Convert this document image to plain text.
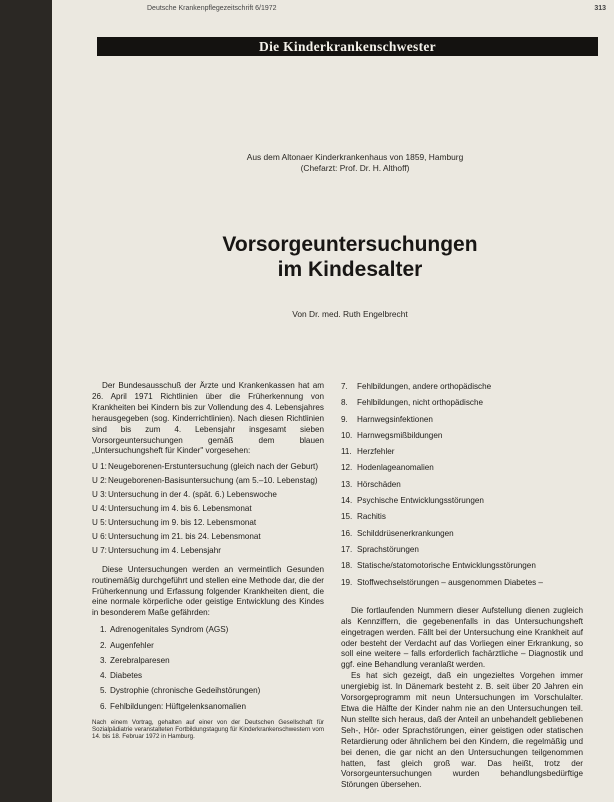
Deutsche Krankenpflegezeitschrift 6/1972	313
Die Kinderkrankenschwester
Aus dem Altonaer Kinderkrankenhaus von 1859, Hamburg
(Chefarzt: Prof. Dr. H. Althoff)
Vorsorgeuntersuchungen
im Kindesalter
Von Dr. med. Ruth Engelbrecht

Der Bundesausschuß der Ärzte und Krankenkassen hat am 26. April 1971 Richtlinien über die Früherkennung von Krankheiten bei Kindern bis zur Vollendung des 4. Lebensjahres herausgegeben (sog. Kinderrichtlinien). Nach diesen Richtlinien sind bis zum 4. Lebensjahr insgesamt sieben Vorsorgeuntersuchungen gemäß dem blauen „Untersuchungsheft für Kinder" vorgesehen:

U 1: Neugeborenen-Erstuntersuchung (gleich nach der Geburt)
U 2: Neugeborenen-Basisuntersuchung (am 5.–10. Lebenstag)
U 3: Untersuchung in der 4. (spät. 6.) Lebenswoche
U 4: Untersuchung im 4. bis 6. Lebensmonat
U 5: Untersuchung im 9. bis 12. Lebensmonat
U 6: Untersuchung im 21. bis 24. Lebensmonat
U 7: Untersuchung im 4. Lebensjahr

Diese Untersuchungen werden an vermeintlich Gesunden routinemäßig durchgeführt und stellen eine Methode dar, die der Früherkennung und Erfassung folgender Krankheiten dient, die eine normale körperliche oder geistige Entwicklung des Kindes in besonderem Maße gefährden:

1. Adrenogenitales Syndrom (AGS)
2. Augenfehler
3. Zerebralparesen
4. Diabetes
5. Dystrophie (chronische Gedeihstörungen)
6. Fehlbildungen: Hüftgelenksanomalien

Nach einem Vortrag, gehalten auf einer von der Deutschen Gesellschaft für Sozialpädiatrie veranstalteten Fortbildungstagung für Kinderkrankenschwestern vom 14. bis 18. Februar 1972 in Hamburg.

7.	Fehlbildungen, andere orthopädische
8.	Fehlbildungen, nicht orthopädische
9.	Harnwegsinfektionen
10. Harnwegsmißbildungen
11. Herzfehler
12. Hodenlageanomalien
13. Hörschäden
14. Psychische Entwicklungsstörungen
15. Rachitis
16. Schilddrüsenerkrankungen
17. Sprachstörungen
18. Statische/statomotorische Entwicklungsstörungen
19. Stoffwechselstörungen – ausgenommen Diabetes –

Die fortlaufenden Nummern dieser Aufstellung dienen zugleich als Kennziffern, die gegebenenfalls in das Untersuchungsheft eingetragen werden. Fällt bei der Untersuchung eine Krankheit auf oder besteht der Verdacht auf das Vorliegen einer Erkrankung, so soll eine weitere – falls erforderlich fachärztliche – Diagnostik und ggf. eine Behandlung veranlaßt werden.

Es hat sich gezeigt, daß ein ungezieltes Vorgehen immer unergiebig ist. In Dänemark besteht z. B. seit über 20 Jahren ein Vorsorgeprogramm mit neun Untersuchungen im Vorschulalter. Etwa die Hälfte der Kinder nahm nie an den Untersuchungen teil. Nun stellte sich heraus, daß der Anteil an unbehandelt gebliebenen Seh-, Hör- oder Sprachstörungen, einer geistigen oder statischen Retardierung oder ähnlichem bei den Kindern, die regelmäßig und bei denen, die gar nicht an den Untersuchungen teilgenommen hatten, fast gleich groß war. Das heißt, trotz der Vorsorgeuntersuchungen wurden behandlungsbedürftige Störungen übersehen.
